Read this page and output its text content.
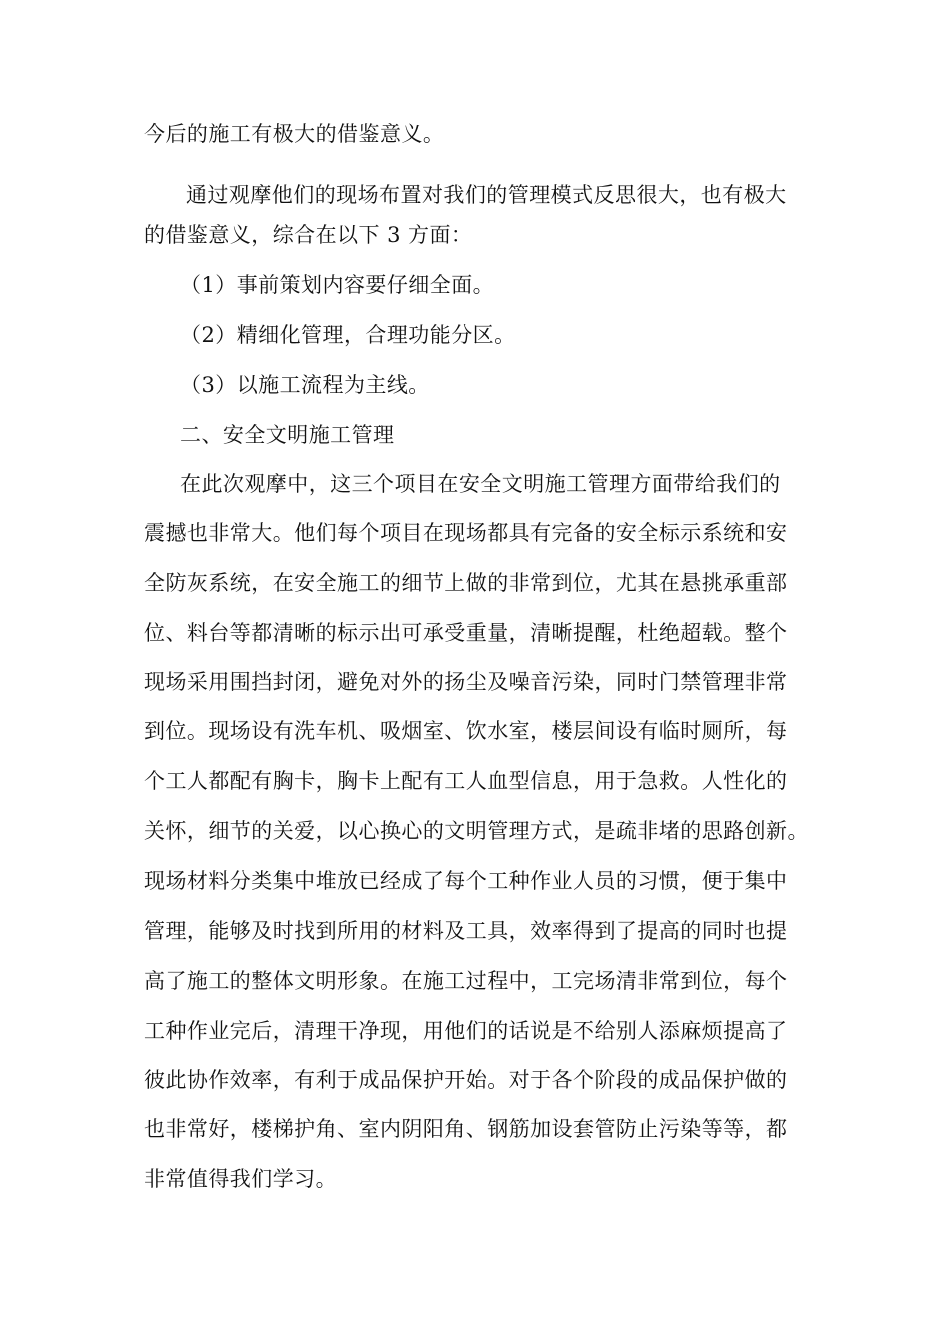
今后的施工有极大的借鉴意义。
通过观摩他们的现场布置对我们的管理模式反思很大，也有极大
的借鉴意义，综合在以下 3 方面：
（1）事前策划内容要仔细全面。
（2）精细化管理，合理功能分区。
（3）以施工流程为主线。
二、安全文明施工管理
在此次观摩中，这三个项目在安全文明施工管理方面带给我们的
震撼也非常大。他们每个项目在现场都具有完备的安全标示系统和安
全防灰系统，在安全施工的细节上做的非常到位，尤其在悬挑承重部
位、料台等都清晰的标示出可承受重量，清晰提醒，杜绝超载。整个
现场采用围挡封闭，避免对外的扬尘及噪音污染，同时门禁管理非常
到位。现场设有洗车机、吸烟室、饮水室，楼层间设有临时厕所，每
个工人都配有胸卡，胸卡上配有工人血型信息，用于急救。人性化的
关怀，细节的关爱，以心换心的文明管理方式，是疏非堵的思路创新。
现场材料分类集中堆放已经成了每个工种作业人员的习惯，便于集中
管理，能够及时找到所用的材料及工具，效率得到了提高的同时也提
高了施工的整体文明形象。在施工过程中，工完场清非常到位，每个
工种作业完后，清理干净现，用他们的话说是不给别人添麻烦提高了
彼此协作效率，有利于成品保护开始。对于各个阶段的成品保护做的
也非常好，楼梯护角、室内阴阳角、钢筋加设套管防止污染等等，都
非常值得我们学习。
